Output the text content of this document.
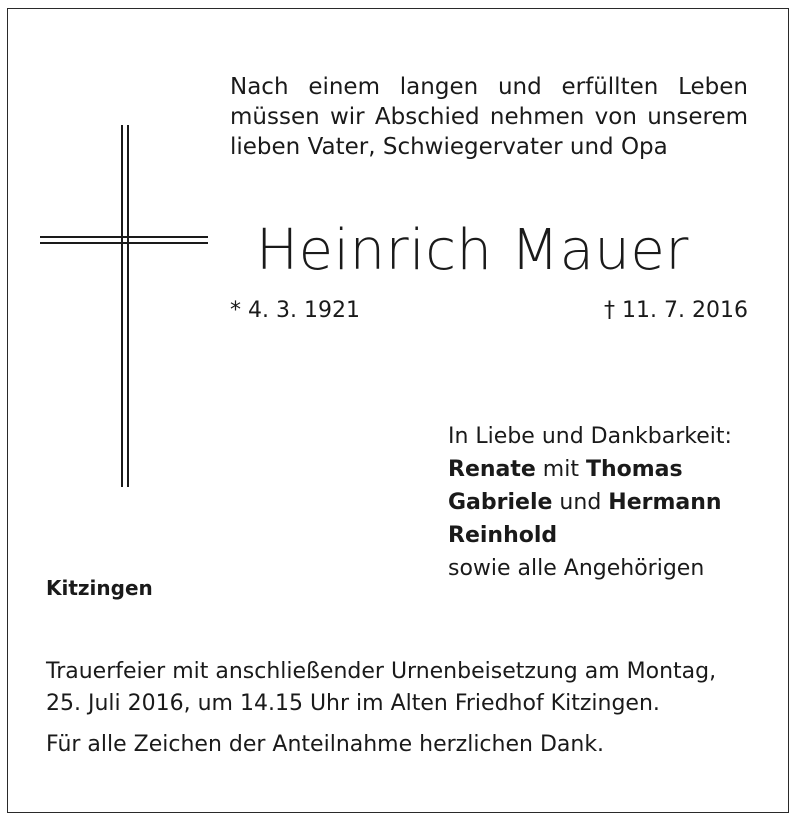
Nach einem langen und erfüllten Leben
müssen wir Abschied nehmen von unserem
lieben Vater, Schwiegervater und Opa
Heinrich Mauer
* 4. 3. 1921	† 11. 7. 2016
In Liebe und Dankbarkeit:
Renate mit Thomas
Gabriele und Hermann
Reinhold
sowie alle Angehörigen
Kitzingen
Trauerfeier mit anschließender Urnenbeisetzung am Montag,
25. Juli 2016, um 14.15 Uhr im Alten Friedhof Kitzingen.
Für alle Zeichen der Anteilnahme herzlichen Dank.
